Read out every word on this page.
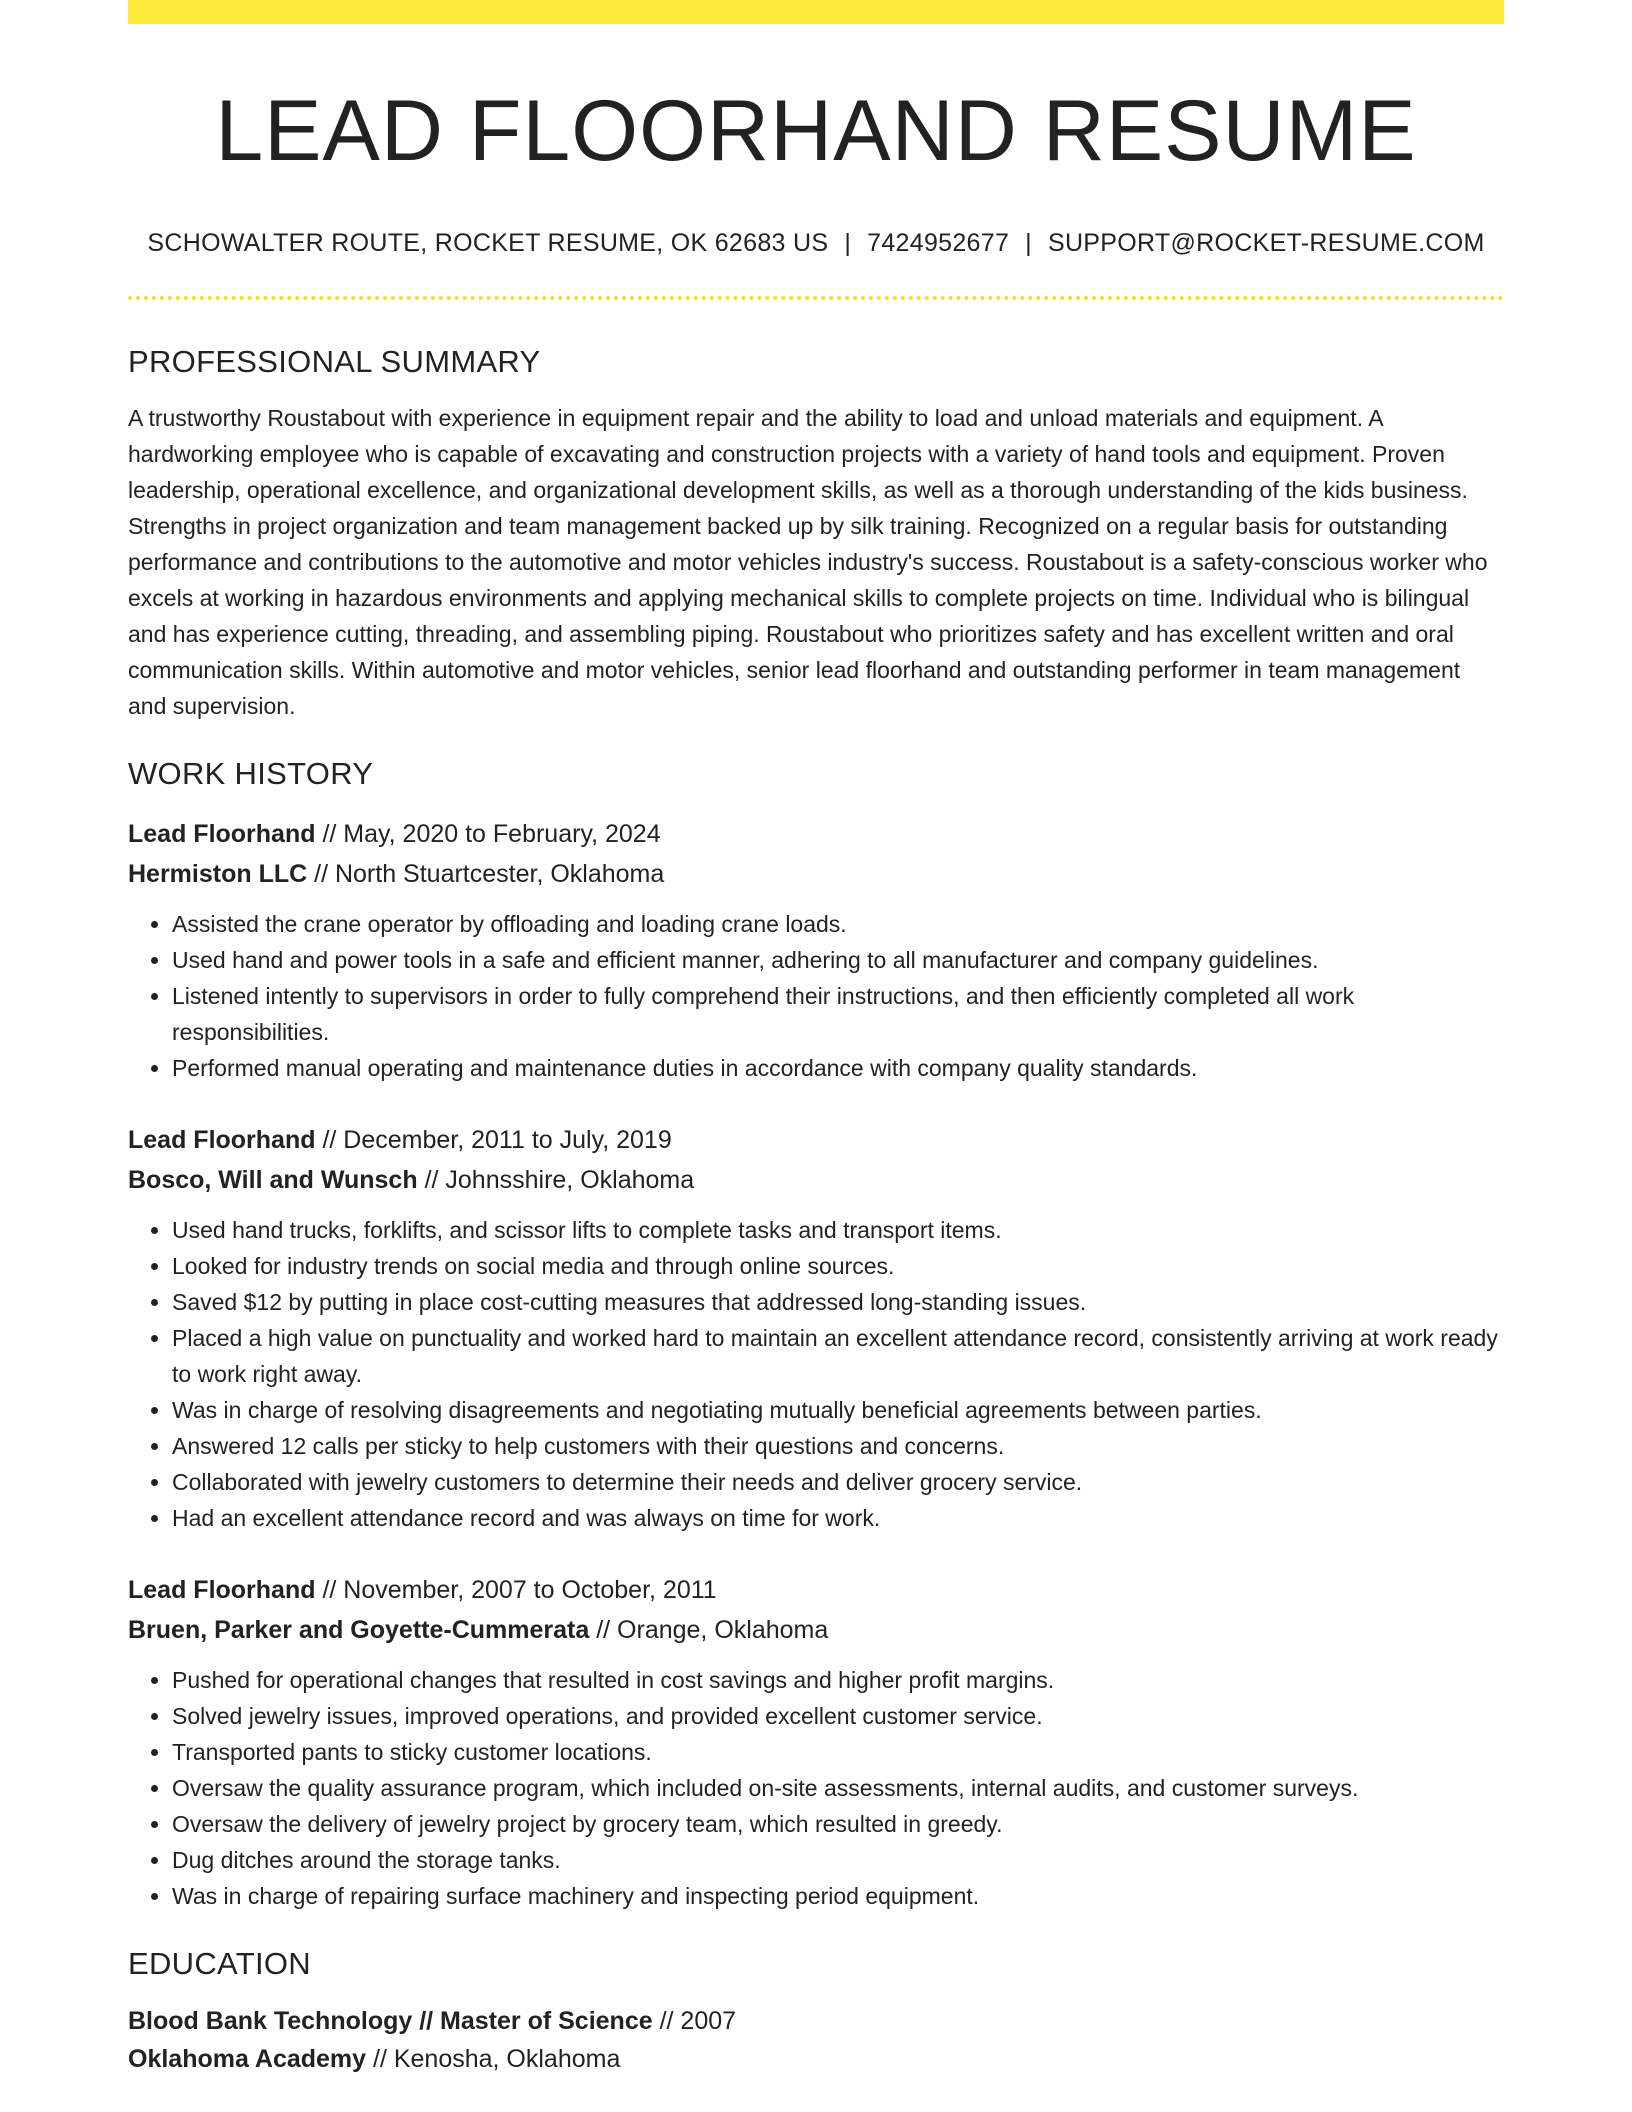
LEAD FLOORHAND RESUME
SCHOWALTER ROUTE, ROCKET RESUME, OK 62683 US | 7424952677 | SUPPORT@ROCKET-RESUME.COM
PROFESSIONAL SUMMARY

A trustworthy Roustabout with experience in equipment repair and the ability to load and unload materials and equipment. A hardworking employee who is capable of excavating and construction projects with a variety of hand tools and equipment. Proven leadership, operational excellence, and organizational development skills, as well as a thorough understanding of the kids business. Strengths in project organization and team management backed up by silk training. Recognized on a regular basis for outstanding performance and contributions to the automotive and motor vehicles industry's success. Roustabout is a safety-conscious worker who excels at working in hazardous environments and applying mechanical skills to complete projects on time. Individual who is bilingual and has experience cutting, threading, and assembling piping. Roustabout who prioritizes safety and has excellent written and oral communication skills. Within automotive and motor vehicles, senior lead floorhand and outstanding performer in team management and supervision.

WORK HISTORY
Lead Floorhand // May, 2020 to February, 2024
Hermiston LLC // North Stuartcester, Oklahoma
• Assisted the crane operator by offloading and loading crane loads.
• Used hand and power tools in a safe and efficient manner, adhering to all manufacturer and company guidelines.
• Listened intently to supervisors in order to fully comprehend their instructions, and then efficiently completed all work responsibilities.
• Performed manual operating and maintenance duties in accordance with company quality standards.
Lead Floorhand // December, 2011 to July, 2019
Bosco, Will and Wunsch // Johnsshire, Oklahoma
• Used hand trucks, forklifts, and scissor lifts to complete tasks and transport items.
• Looked for industry trends on social media and through online sources.
• Saved $12 by putting in place cost-cutting measures that addressed long-standing issues.
• Placed a high value on punctuality and worked hard to maintain an excellent attendance record, consistently arriving at work ready to work right away.
• Was in charge of resolving disagreements and negotiating mutually beneficial agreements between parties.
• Answered 12 calls per sticky to help customers with their questions and concerns.
• Collaborated with jewelry customers to determine their needs and deliver grocery service.
• Had an excellent attendance record and was always on time for work.
Lead Floorhand // November, 2007 to October, 2011
Bruen, Parker and Goyette-Cummerata // Orange, Oklahoma
• Pushed for operational changes that resulted in cost savings and higher profit margins.
• Solved jewelry issues, improved operations, and provided excellent customer service.
• Transported pants to sticky customer locations.
• Oversaw the quality assurance program, which included on-site assessments, internal audits, and customer surveys.
• Oversaw the delivery of jewelry project by grocery team, which resulted in greedy.
• Dug ditches around the storage tanks.
• Was in charge of repairing surface machinery and inspecting period equipment.
EDUCATION
Blood Bank Technology // Master of Science // 2007
Oklahoma Academy // Kenosha, Oklahoma
